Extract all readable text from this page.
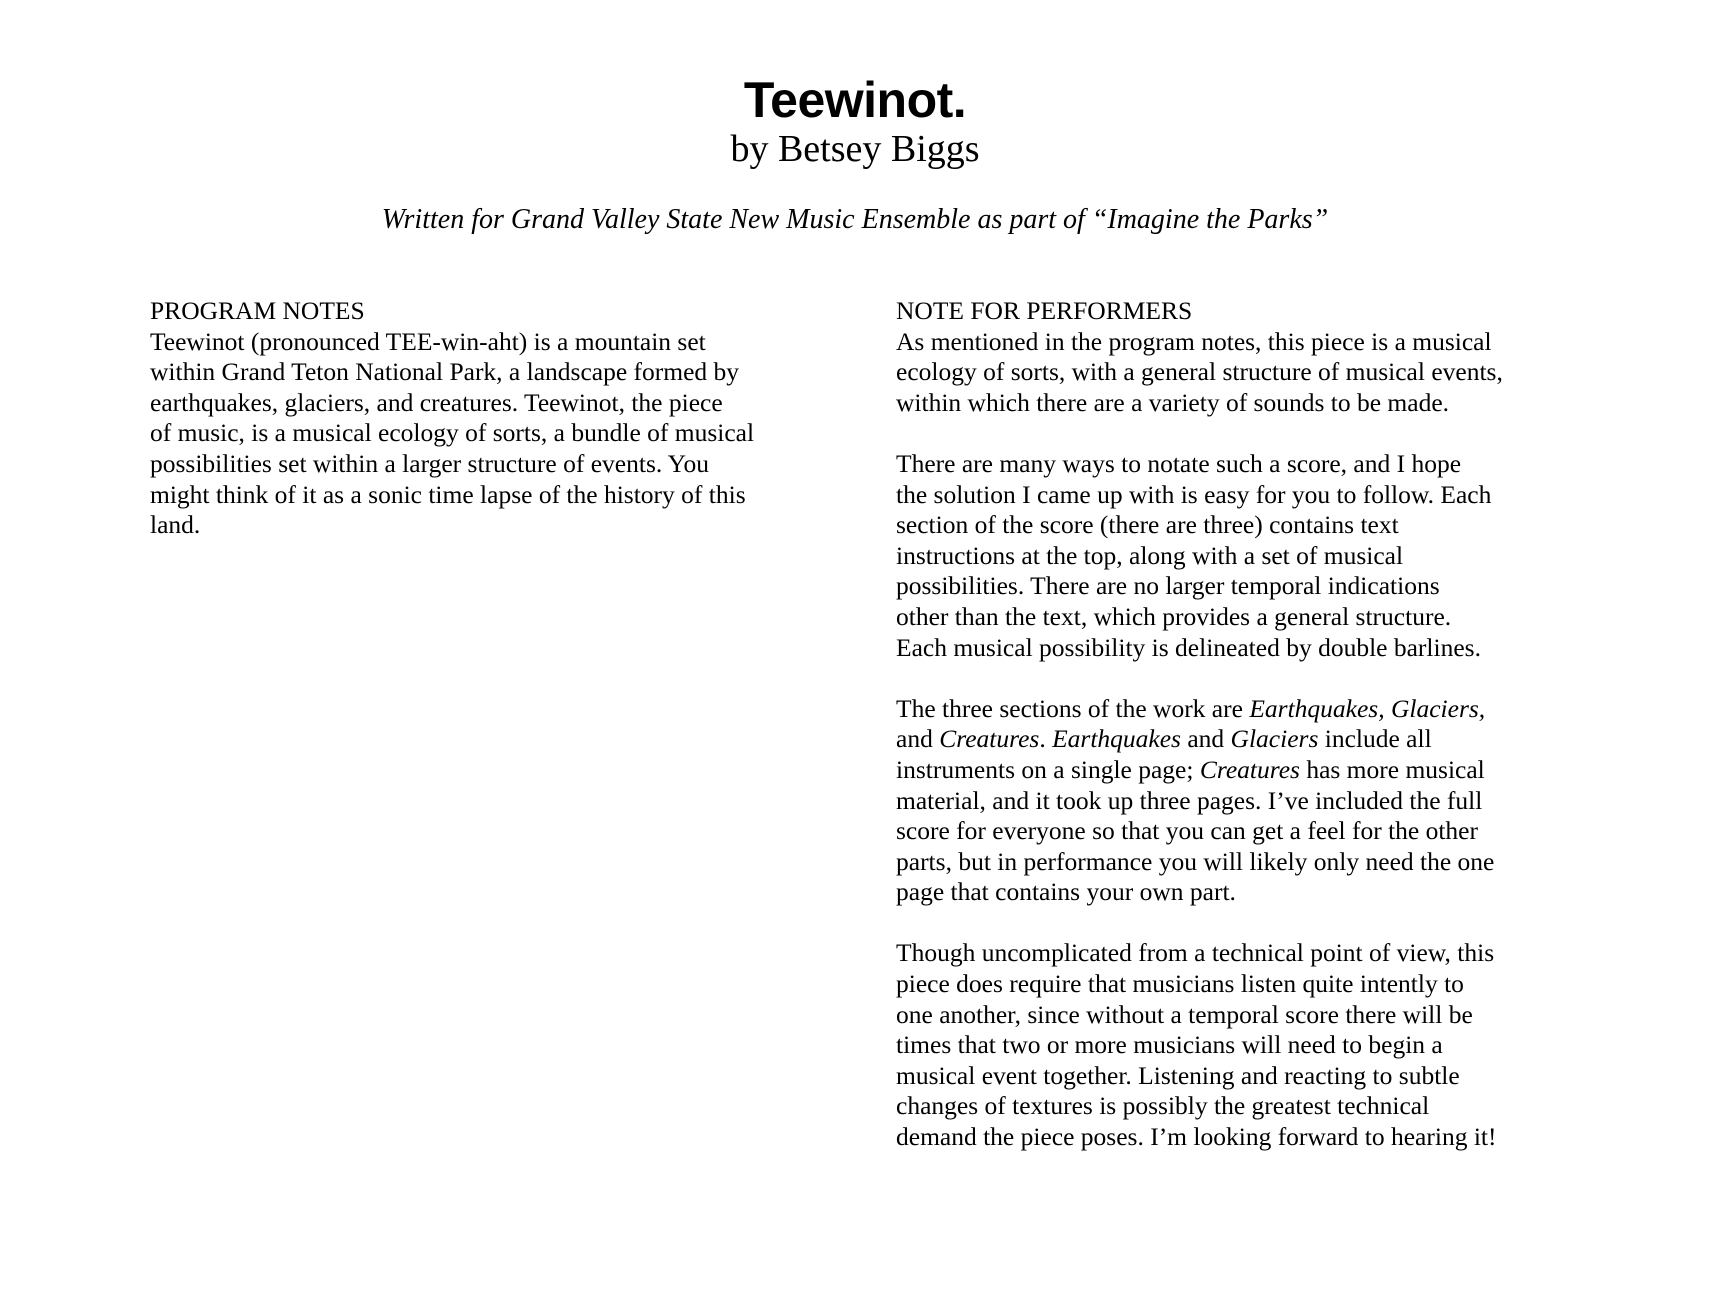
Teewinot.

by Betsey Biggs

Written for Grand Valley State New Music Ensemble as part of “Imagine the Parks”

PROGRAM NOTES
Teewinot (pronounced TEE-win-aht) is a mountain set
within Grand Teton National Park, a landscape formed by
earthquakes, glaciers, and creatures. Teewinot, the piece
of music, is a musical ecology of sorts, a bundle of musical
possibilities set within a larger structure of events. You
might think of it as a sonic time lapse of the history of this
land.
NOTE FOR PERFORMERS
As mentioned in the program notes, this piece is a musical
ecology of sorts, with a general structure of musical events,
within which there are a variety of sounds to be made.
There are many ways to notate such a score, and I hope
the solution I came up with is easy for you to follow. Each
section of the score (there are three) contains text
instructions at the top, along with a set of musical
possibilities. There are no larger temporal indications
other than the text, which provides a general structure.
Each musical possibility is delineated by double barlines.
The three sections of the work are Earthquakes, Glaciers,
and Creatures. Earthquakes and Glaciers include all
instruments on a single page; Creatures has more musical
material, and it took up three pages. I’ve included the full
score for everyone so that you can get a feel for the other
parts, but in performance you will likely only need the one
page that contains your own part.
Though uncomplicated from a technical point of view, this
piece does require that musicians listen quite intently to
one another, since without a temporal score there will be
times that two or more musicians will need to begin a
musical event together. Listening and reacting to subtle
changes of textures is possibly the greatest technical
demand the piece poses. I’m looking forward to hearing it!
